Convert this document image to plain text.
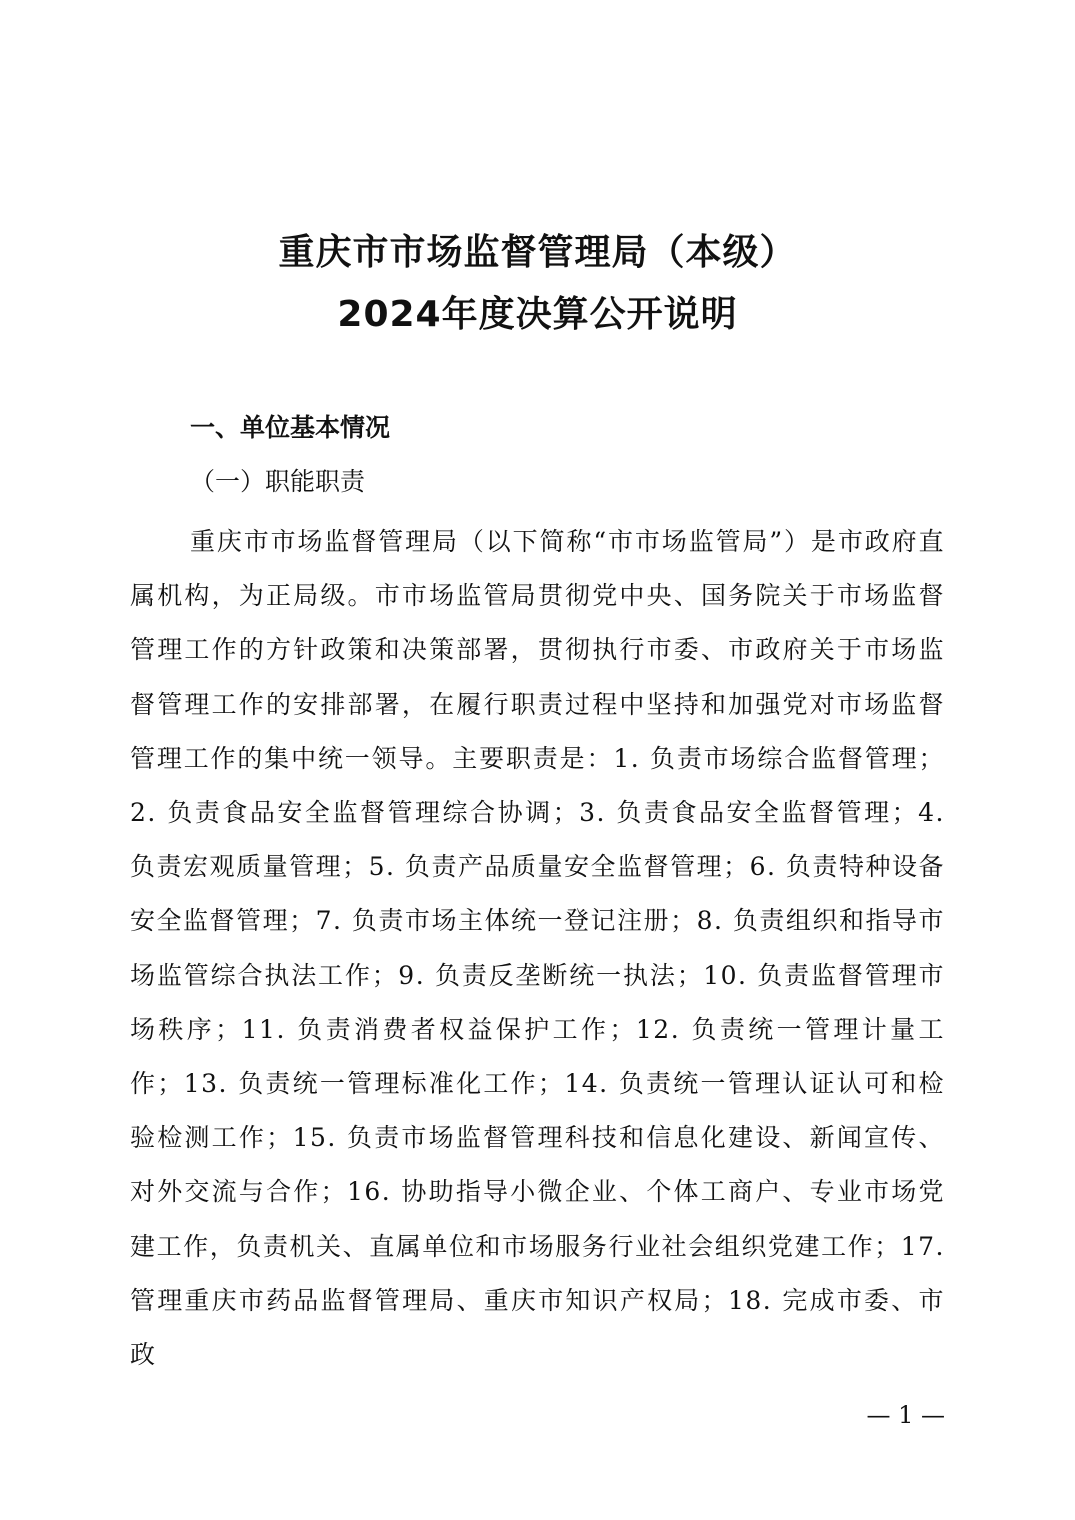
重庆市市场监督管理局（本级）
2024年度决算公开说明
一、单位基本情况
（一）职能职责

重庆市市场监督管理局（以下简称“市市场监管局”）是市政府直属机构，为正局级。市市场监管局贯彻党中央、国务院关于市场监督管理工作的方针政策和决策部署，贯彻执行市委、市政府关于市场监督管理工作的安排部署，在履行职责过程中坚持和加强党对市场监督管理工作的集中统一领导。主要职责是：1. 负责市场综合监督管理；2. 负责食品安全监督管理综合协调；3. 负责食品安全监督管理；4. 负责宏观质量管理；5. 负责产品质量安全监督管理；6. 负责特种设备安全监督管理；7. 负责市场主体统一登记注册；8. 负责组织和指导市场监管综合执法工作；9. 负责反垄断统一执法；10. 负责监督管理市场秩序；11. 负责消费者权益保护工作；12. 负责统一管理计量工作；13. 负责统一管理标准化工作；14. 负责统一管理认证认可和检验检测工作；15. 负责市场监督管理科技和信息化建设、新闻宣传、对外交流与合作；16. 协助指导小微企业、个体工商户、专业市场党建工作，负责机关、直属单位和市场服务行业社会组织党建工作；17. 管理重庆市药品监督管理局、重庆市知识产权局；18. 完成市委、市政

— 1 —
